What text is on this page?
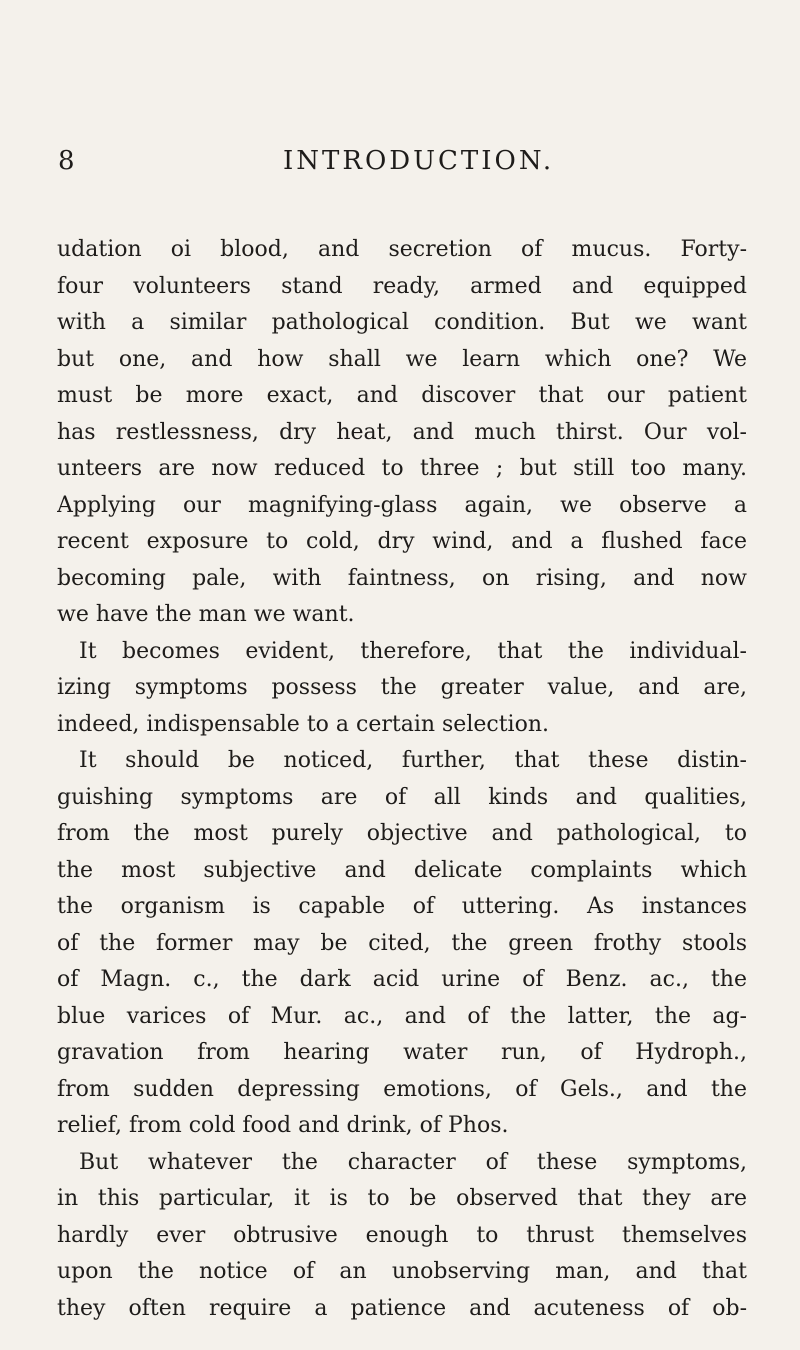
8	INTRODUCTION.
udation oi blood, and secretion of mucus. Forty-
four volunteers stand ready, armed and equipped
with a similar pathological condition. But we want
but one, and how shall we learn which one? We
must be more exact, and discover that our patient
has restlessness, dry heat, and much thirst. Our vol-
unteers are now reduced to three ; but still too many.
Applying our magnifying-glass again, we observe a
recent exposure to cold, dry wind, and a flushed face
becoming pale, with faintness, on rising, and now
we have the man we want.
It becomes evident, therefore, that the individual-
izing symptoms possess the greater value, and are,
indeed, indispensable to a certain selection.
It should be noticed, further, that these distin-
guishing symptoms are of all kinds and qualities,
from the most purely objective and pathological, to
the most subjective and delicate complaints which
the organism is capable of uttering. As instances
of the former may be cited, the green frothy stools
of Magn. c., the dark acid urine of Benz. ac., the
blue varices of Mur. ac., and of the latter, the ag-
gravation from hearing water run, of Hydroph.,
from sudden depressing emotions, of Gels., and the
relief, from cold food and drink, of Phos.
But whatever the character of these symptoms,
in this particular, it is to be observed that they are
hardly ever obtrusive enough to thrust themselves
upon the notice of an unobserving man, and that
they often require a patience and acuteness of ob-
